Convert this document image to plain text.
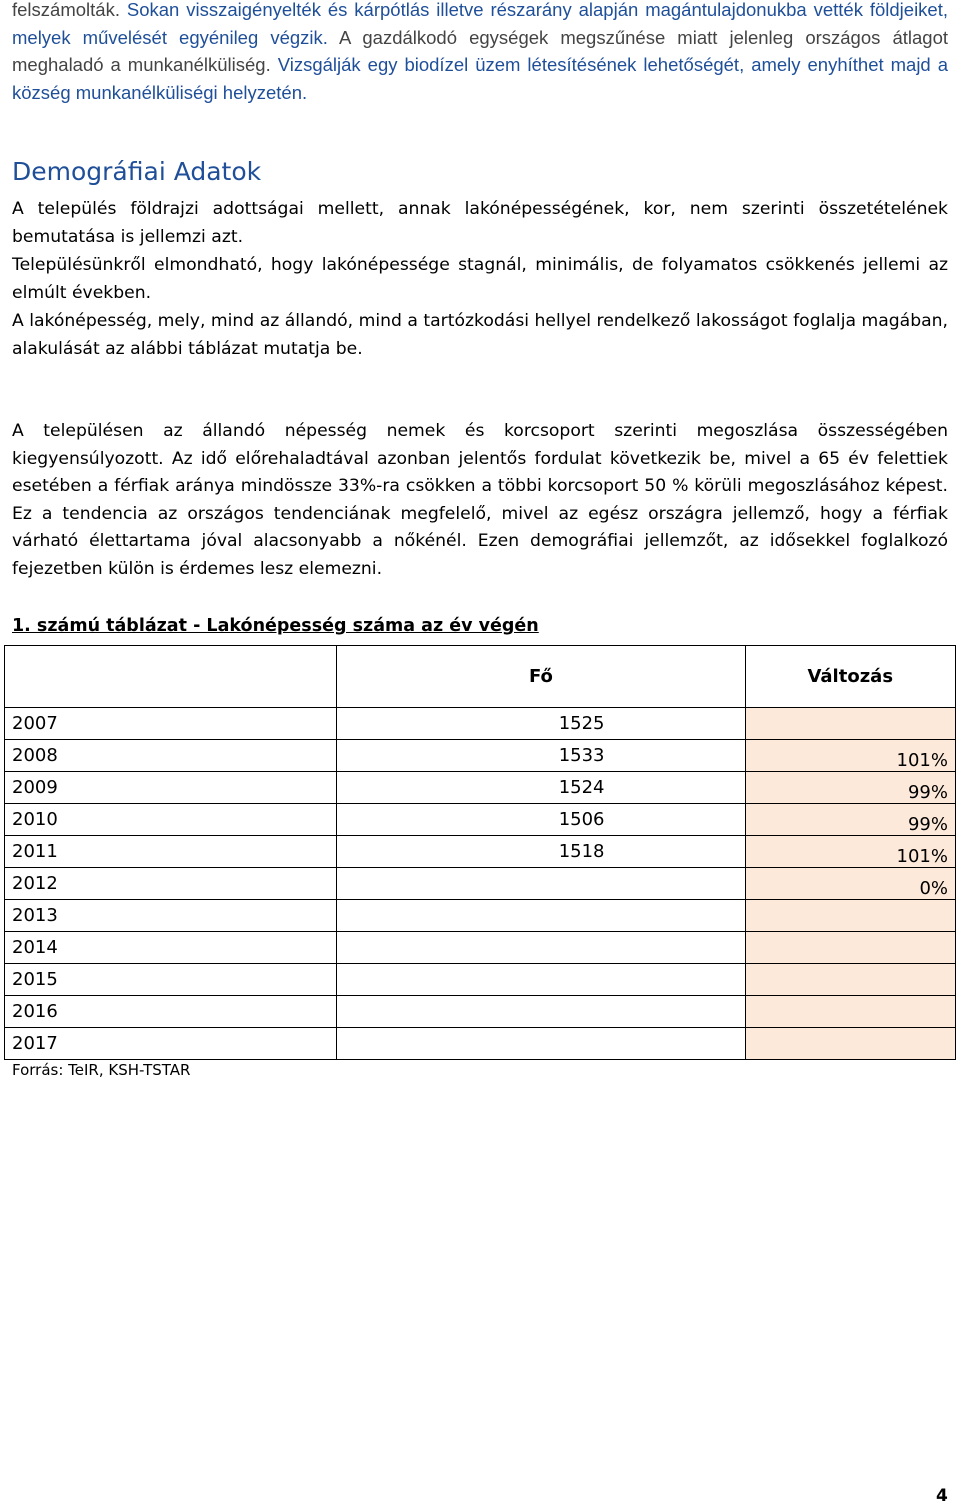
felszámolták. Sokan visszaigényelték és kárpótlás illetve részarány alapján magántulajdonukba vették földjeiket, melyek művelését egyénileg végzik. A gazdálkodó egységek megszűnése miatt jelenleg országos átlagot meghaladó a munkanélküliség. Vizsgálják egy biodízel üzem létesítésének lehetőségét, amely enyhíthet majd a község munkanélküliségi helyzetén.

Demográfiai Adatok

A település földrajzi adottságai mellett, annak lakónépességének, kor, nem szerinti összetételének bemutatása is jellemzi azt.

Településünkről elmondható, hogy lakónépessége stagnál, minimális, de folyamatos csökkenés jellemi az elmúlt években.

A lakónépesség, mely, mind az állandó, mind a tartózkodási hellyel rendelkező lakosságot foglalja magában, alakulását az alábbi táblázat mutatja be.

A településen az állandó népesség nemek és korcsoport szerinti megoszlása összességében kiegyensúlyozott. Az idő előrehaladtával azonban jelentős fordulat következik be, mivel a 65 év felettiek esetében a férfiak aránya mindössze 33%-ra csökken a többi korcsoport 50 % körüli megoszlásához képest. Ez a tendencia az országos tendenciának megfelelő, mivel az egész országra jellemző, hogy a férfiak várható élettartama jóval alacsonyabb a nőkénél. Ezen demográfiai jellemzőt, az idősekkel foglalkozó fejezetben külön is érdemes lesz elemezni.

1. számú táblázat - Lakónépesség száma az év végén
	Fő	Változás
2007	1525	
2008	1533	101%
2009	1524	99%
2010	1506	99%
2011	1518	101%
2012		0%
2013		
2014		
2015		
2016		
2017		
Forrás: TeIR, KSH-TSTAR
4
